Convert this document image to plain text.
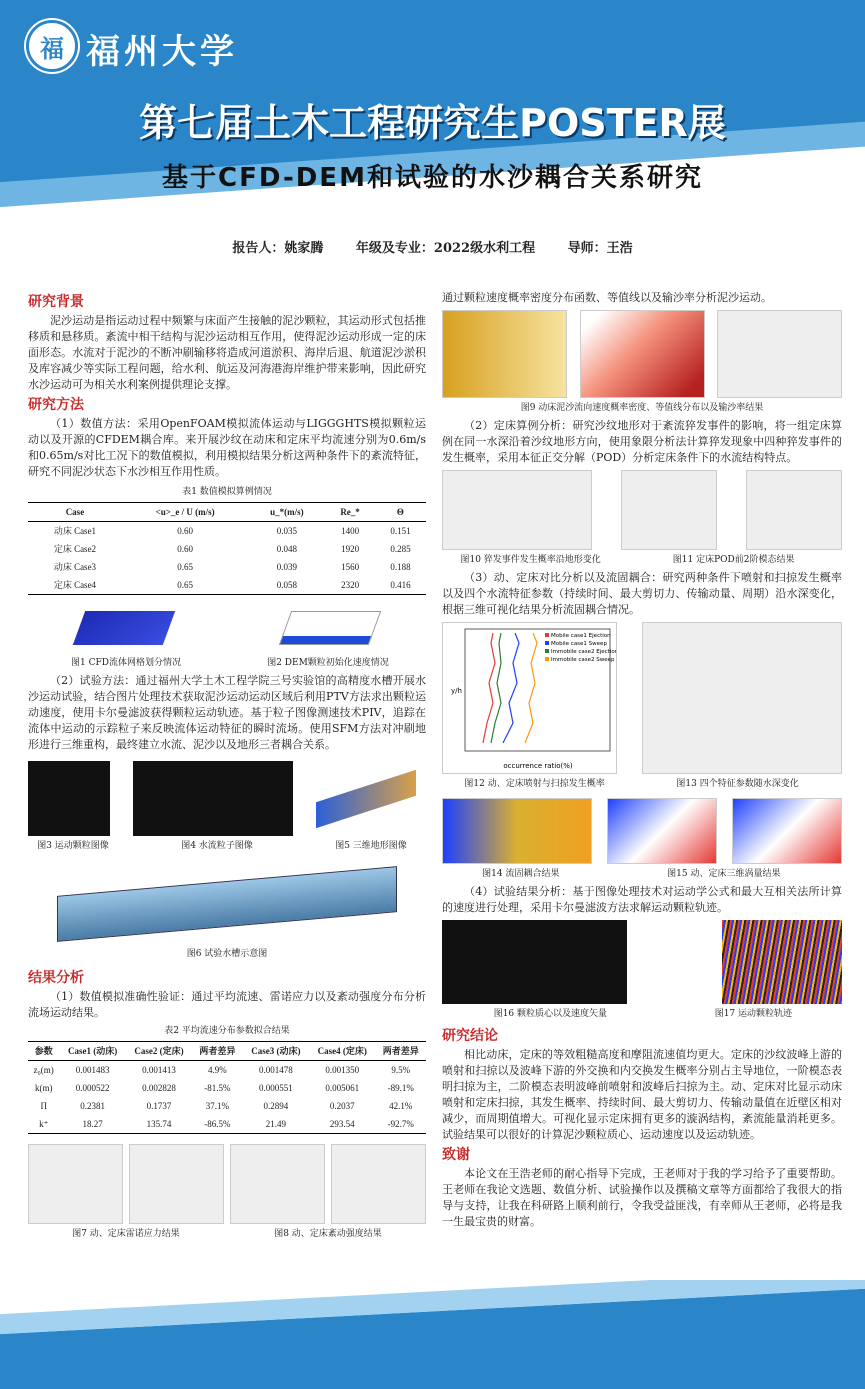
福 福州大学
第七届土木工程研究生POSTER展
基于CFD-DEM和试验的水沙耦合关系研究
报告人：姚家腾	年级及专业：2022级水利工程	导师：王浩
研究背景

泥沙运动是指运动过程中频繁与床面产生接触的泥沙颗粒，其运动形式包括推移质和悬移质。紊流中相干结构与泥沙运动相互作用，使得泥沙运动形成一定的床面形态。水流对于泥沙的不断冲刷输移将造成河道淤积、海岸后退、航道泥沙淤积及库容减少等实际工程问题，给水利、航运及河海港海岸维护带来影响，因此研究水沙运动可为相关水利案例提供理论支撑。

研究方法

（1）数值方法：采用OpenFOAM模拟流体运动与LIGGGHTS模拟颗粒运动以及开源的CFDEM耦合库。来开展沙纹在动床和定床平均流速分别为0.6m/s和0.65m/s对比工况下的数值模拟，利用模拟结果分析这两种条件下的紊流特征，研究不同泥沙状态下水沙相互作用性质。

表1 数值模拟算例情况
Case	<u>_e / U (m/s)	u_*(m/s)	Re_*	Θ
动床 Case1	0.60	0.035	1400	0.151
定床 Case2	0.60	0.048	1920	0.285
动床 Case3	0.65	0.039	1560	0.188
定床 Case4	0.65	0.058	2320	0.416
图1 CFD流体网格划分情况	图2 DEM颗粒初始化速度情况

（2）试验方法：通过福州大学土木工程学院三号实验馆的高精度水槽开展水沙运动试验，结合图片处理技术获取泥沙运动运动区域后利用PTV方法求出颗粒运动速度，使用卡尔曼滤波获得颗粒运动轨迹。基于粒子图像测速技术PIV，追踪在流体中运动的示踪粒子来反映流体运动特征的瞬时流场。使用SFM方法对冲刷地形进行三维重构，最终建立水流、泥沙以及地形三者耦合关系。

图3 运动颗粒图像	图4 水流粒子图像	图5 三维地形图像
图6 试验水槽示意图
结果分析

（1）数值模拟准确性验证：通过平均流速、雷诺应力以及紊动强度分布分析流场运动结果。

表2 平均流速分布参数拟合结果
参数	Case1 (动床)	Case2 (定床)	两者差异	Case3 (动床)	Case4 (定床)	两者差异
z₀(m)	0.001483	0.001413	4.9%	0.001478	0.001350	9.5%
k(m)	0.000522	0.002828	-81.5%	0.000551	0.005061	-89.1%
Π	0.2381	0.1737	37.1%	0.2894	0.2037	42.1%
k⁺	18.27	135.74	-86.5%	21.49	293.54	-92.7%
图7 动、定床雷诺应力结果	图8 动、定床紊动强度结果

通过颗粒速度概率密度分布函数、等值线以及输沙率分析泥沙运动。

图9 动床泥沙流向速度概率密度、等值线分布以及输沙率结果

（2）定床算例分析：研究沙纹地形对于紊流猝发事件的影响，将一组定床算例在同一水深沿着沙纹地形方向，使用象限分析法计算猝发现象中四种猝发事件的发生概率，采用本征正交分解（POD）分析定床条件下的水流结构特点。

图10 猝发事件发生概率沿地形变化	图11 定床POD前2阶模态结果

（3）动、定床对比分析以及流固耦合：研究两种条件下喷射和扫掠发生概率以及四个水流特征参数（持续时间、最大剪切力、传输动量、周期）沿水深变化，根据三维可视化结果分析流固耦合情况。

occurrence ratio(%)
y/h
Mobile case1 Ejection
Mobile case1 Sweep
Immobile case2 Ejection
Immobile case2 Sweep
图12 动、定床喷射与扫掠发生概率	图13 四个特征参数随水深变化
图14 流固耦合结果	图15 动、定床三维涡量结果

（4）试验结果分析：基于图像处理技术对运动学公式和最大互相关法所计算的速度进行处理，采用卡尔曼滤波方法求解运动颗粒轨迹。

图16 颗粒质心以及速度矢量	图17 运动颗粒轨迹
研究结论

相比动床，定床的等效粗糙高度和摩阻流速值均更大。定床的沙纹波峰上游的喷射和扫掠以及波峰下游的外交换和内交换发生概率分别占主导地位，一阶模态表明扫掠为主，二阶模态表明波峰前喷射和波峰后扫掠为主。动、定床对比显示动床喷射和定床扫掠，其发生概率、持续时间、最大剪切力、传输动量值在近壁区相对减少，而周期值增大。可视化显示定床拥有更多的漩涡结构，紊流能量消耗更多。试验结果可以很好的计算泥沙颗粒质心、运动速度以及运动轨迹。

致谢

本论文在王浩老师的耐心指导下完成，王老师对于我的学习给予了重要帮助。王老师在我论文选题、数值分析、试验操作以及撰稿文章等方面都给了我很大的指导与支持，让我在科研路上顺利前行，令我受益匪浅，有幸师从王老师，必将是我一生最宝贵的财富。
